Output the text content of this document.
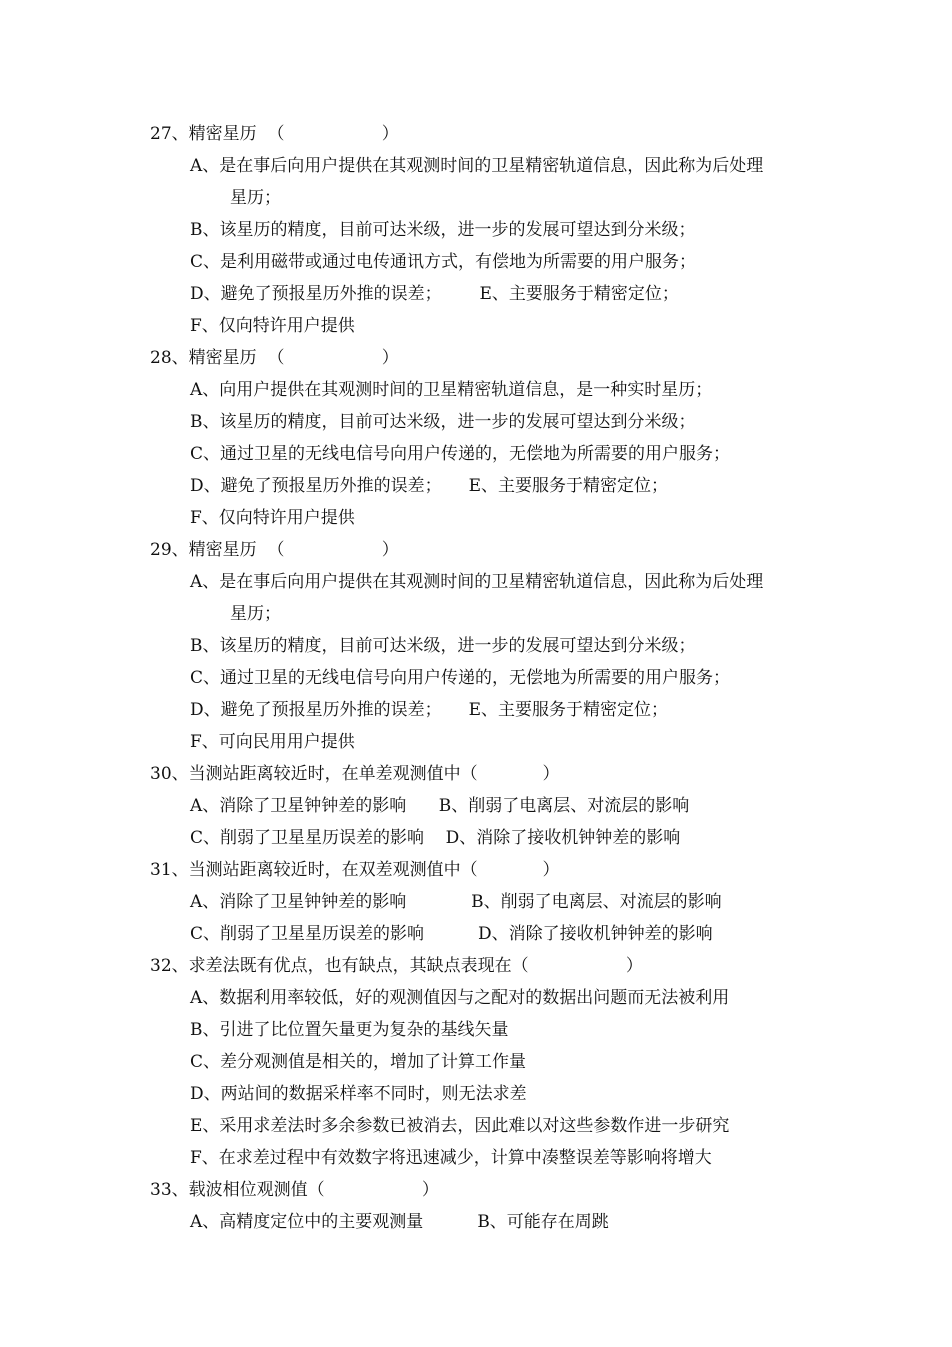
27、精密星历  （                  ）
A、是在事后向用户提供在其观测时间的卫星精密轨道信息，因此称为后处理
星历；
B、该星历的精度，目前可达米级，进一步的发展可望达到分米级；
C、是利用磁带或通过电传通讯方式，有偿地为所需要的用户服务；
D、避免了预报星历外推的误差；       E、主要服务于精密定位；
F、仅向特许用户提供
28、精密星历  （                  ）
A、向用户提供在其观测时间的卫星精密轨道信息，是一种实时星历；
B、该星历的精度，目前可达米级，进一步的发展可望达到分米级；
C、通过卫星的无线电信号向用户传递的，无偿地为所需要的用户服务；
D、避免了预报星历外推的误差；     E、主要服务于精密定位；
F、仅向特许用户提供
29、精密星历  （                  ）
A、是在事后向用户提供在其观测时间的卫星精密轨道信息，因此称为后处理
星历；
B、该星历的精度，目前可达米级，进一步的发展可望达到分米级；
C、通过卫星的无线电信号向用户传递的，无偿地为所需要的用户服务；
D、避免了预报星历外推的误差；     E、主要服务于精密定位；
F、可向民用用户提供
30、当测站距离较近时，在单差观测值中（            ）
A、消除了卫星钟钟差的影响      B、削弱了电离层、对流层的影响
C、削弱了卫星星历误差的影响    D、消除了接收机钟钟差的影响
31、当测站距离较近时，在双差观测值中（            ）
A、消除了卫星钟钟差的影响            B、削弱了电离层、对流层的影响
C、削弱了卫星星历误差的影响          D、消除了接收机钟钟差的影响
32、求差法既有优点，也有缺点，其缺点表现在（                  ）
A、数据利用率较低，好的观测值因与之配对的数据出问题而无法被利用
B、引进了比位置矢量更为复杂的基线矢量
C、差分观测值是相关的，增加了计算工作量
D、两站间的数据采样率不同时，则无法求差
E、采用求差法时多余参数已被消去，因此难以对这些参数作进一步研究
F、在求差过程中有效数字将迅速减少，计算中凑整误差等影响将增大
33、载波相位观测值（                  ）
A、高精度定位中的主要观测量          B、可能存在周跳
